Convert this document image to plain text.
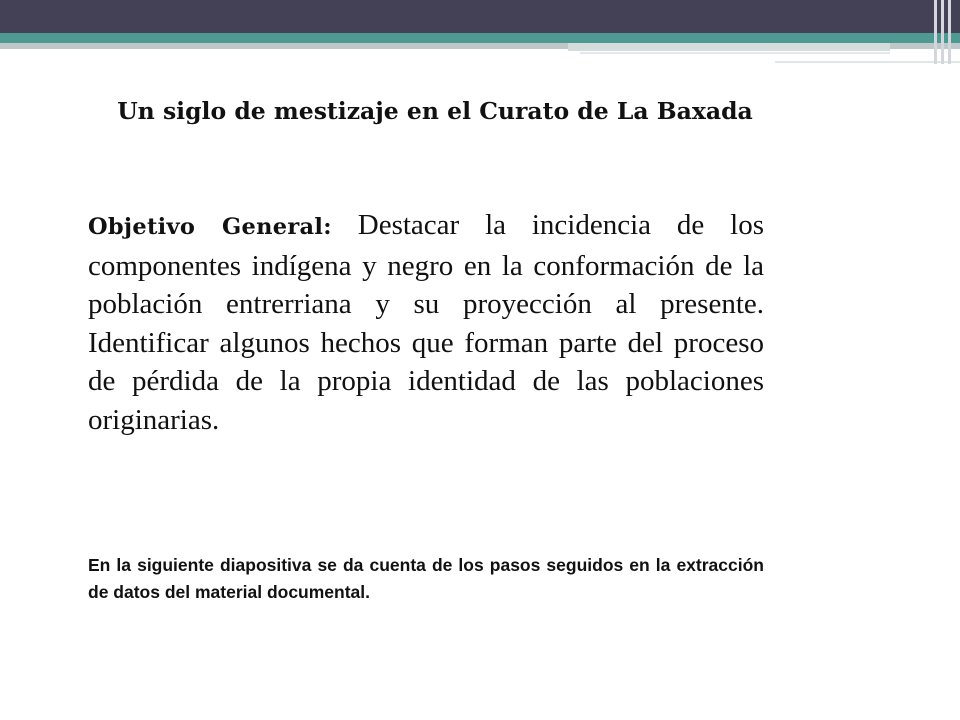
Un siglo de mestizaje en el Curato de La Baxada

Objetivo General: Destacar la incidencia de los componentes indígena y negro en la conformación de la población entrerriana y su proyección al presente. Identificar algunos hechos que forman parte del proceso de pérdida de la propia identidad de las poblaciones originarias.

En la siguiente diapositiva se da cuenta de los pasos seguidos en la extracción de datos del material documental.
